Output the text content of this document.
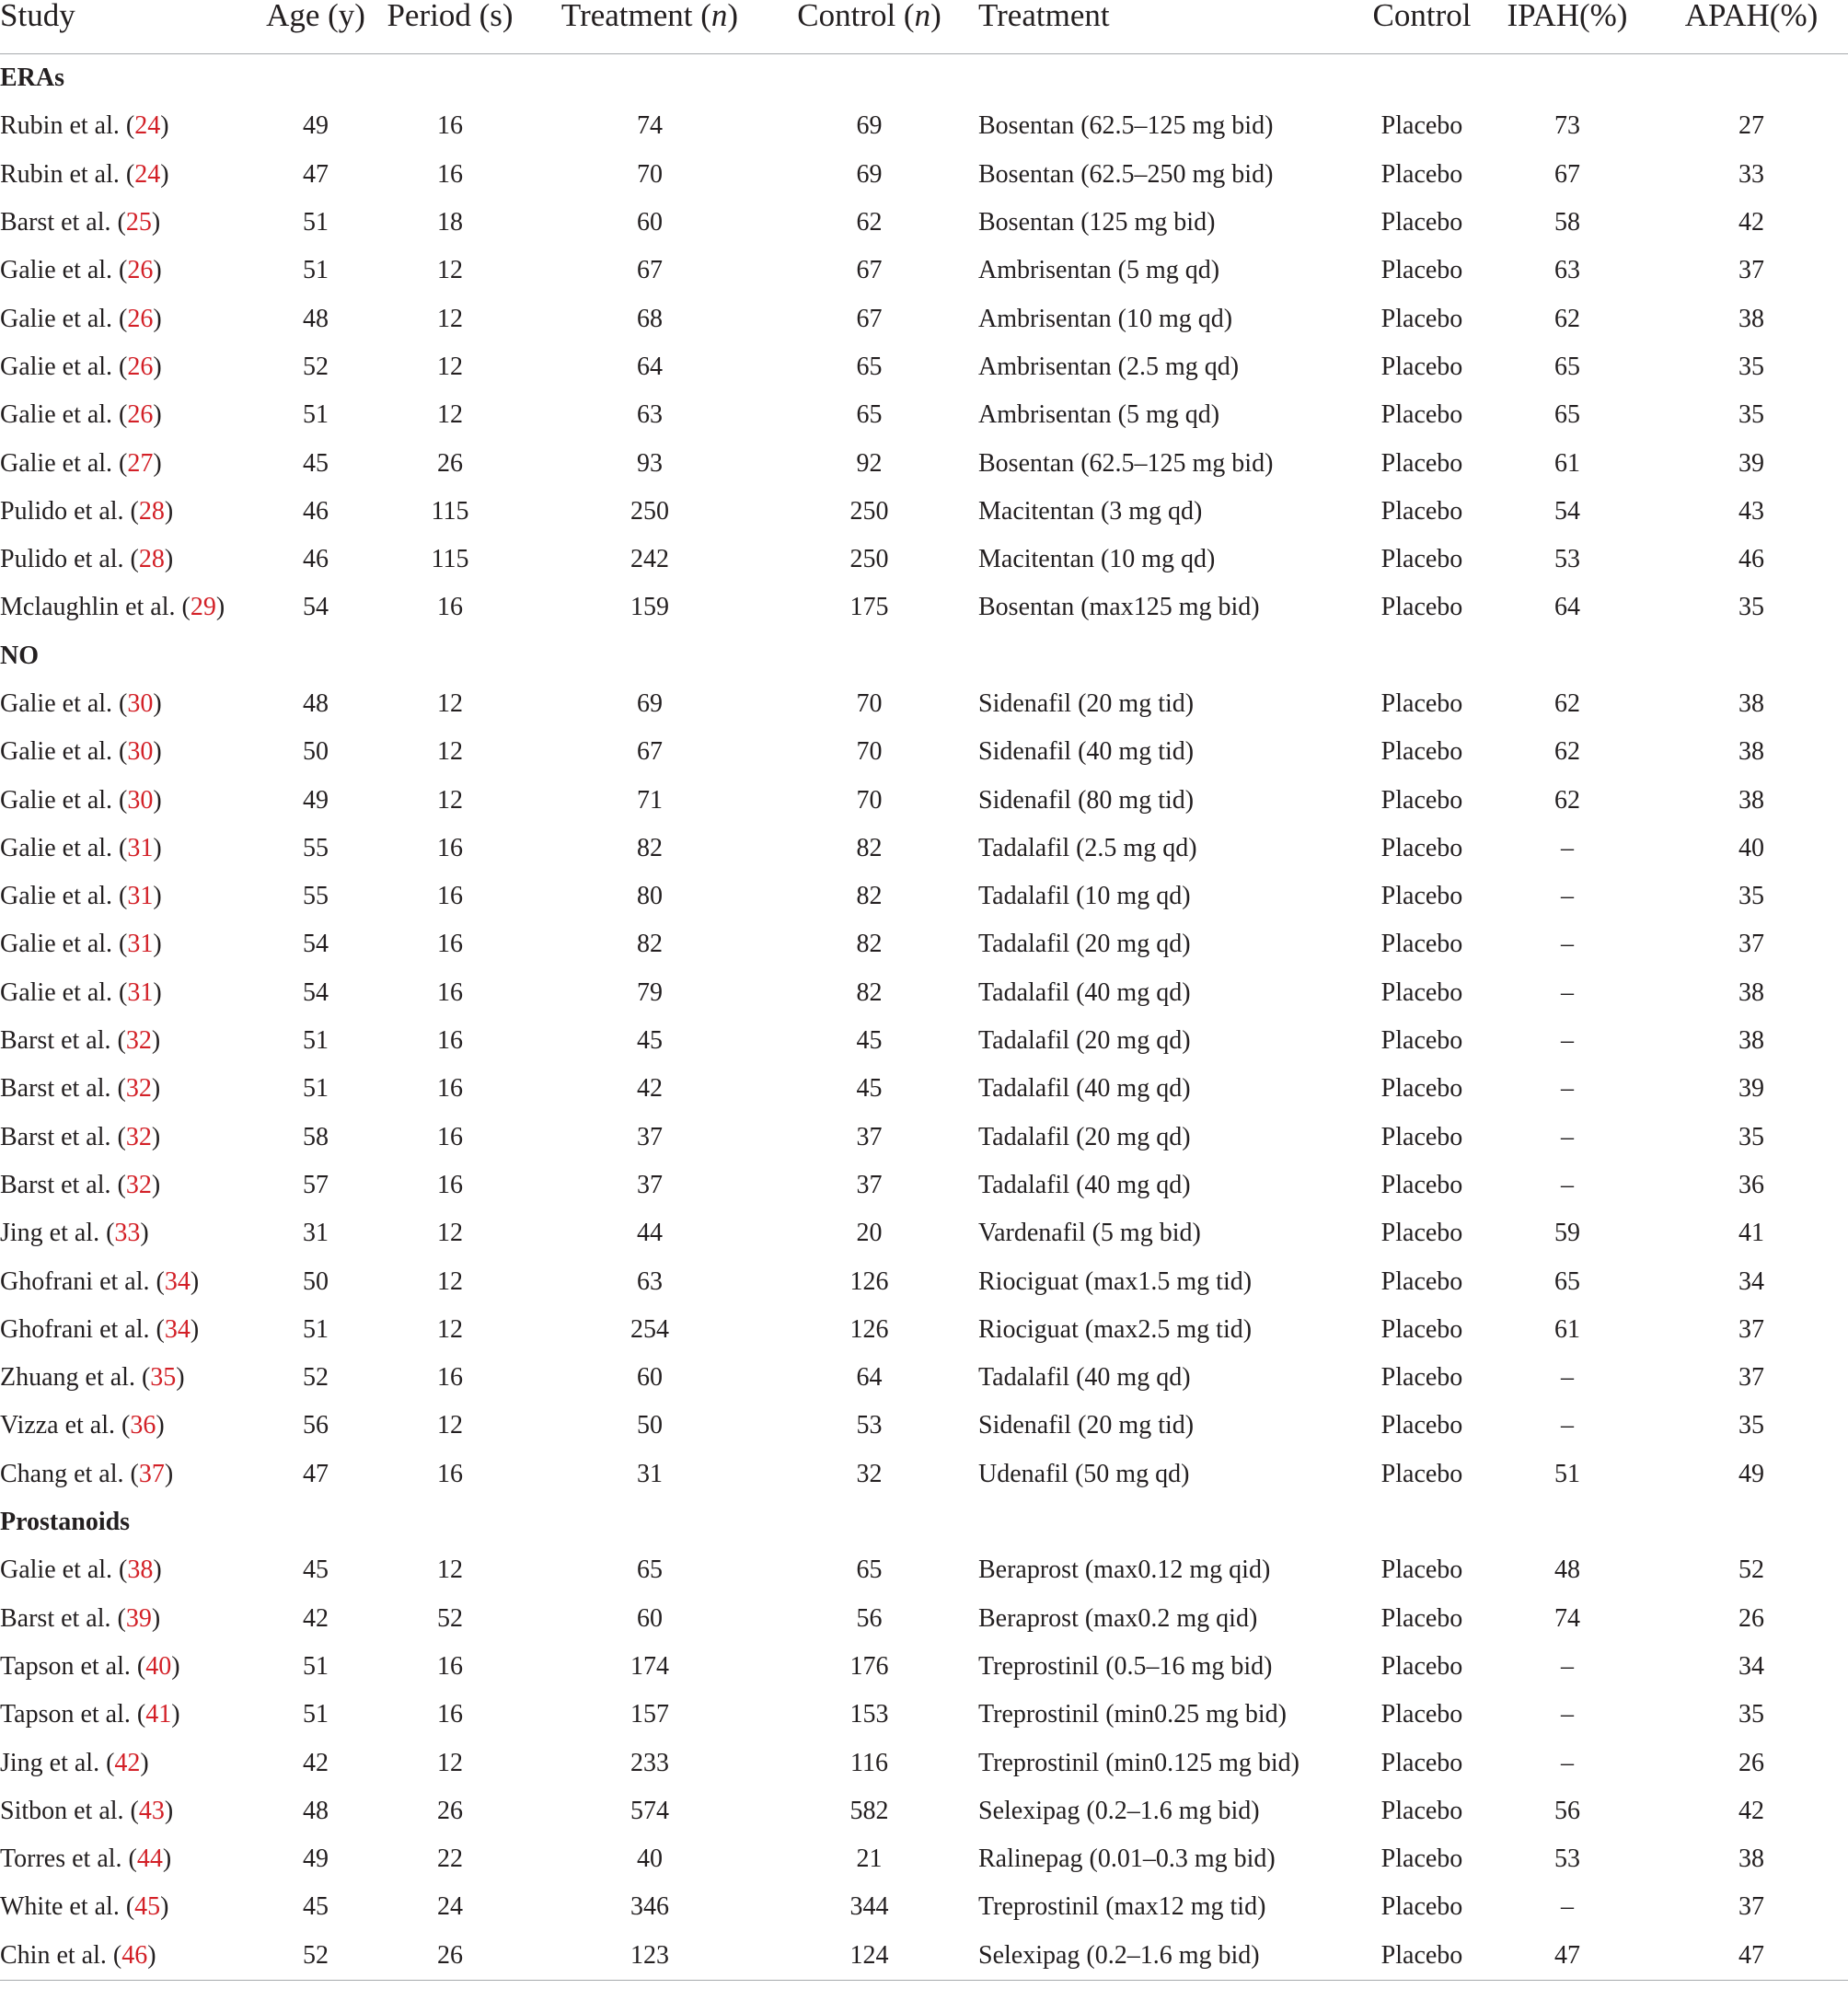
Study	Age (y)	Period (s)	Treatment (n)	Control (n)	Treatment	Control	IPAH(%)	APAH(%)
ERAs								
Rubin et al. (24)	49	16	74	69	Bosentan (62.5–125 mg bid)	Placebo	73	27
Rubin et al. (24)	47	16	70	69	Bosentan (62.5–250 mg bid)	Placebo	67	33
Barst et al. (25)	51	18	60	62	Bosentan (125 mg bid)	Placebo	58	42
Galie et al. (26)	51	12	67	67	Ambrisentan (5 mg qd)	Placebo	63	37
Galie et al. (26)	48	12	68	67	Ambrisentan (10 mg qd)	Placebo	62	38
Galie et al. (26)	52	12	64	65	Ambrisentan (2.5 mg qd)	Placebo	65	35
Galie et al. (26)	51	12	63	65	Ambrisentan (5 mg qd)	Placebo	65	35
Galie et al. (27)	45	26	93	92	Bosentan (62.5–125 mg bid)	Placebo	61	39
Pulido et al. (28)	46	115	250	250	Macitentan (3 mg qd)	Placebo	54	43
Pulido et al. (28)	46	115	242	250	Macitentan (10 mg qd)	Placebo	53	46
Mclaughlin et al. (29)	54	16	159	175	Bosentan (max125 mg bid)	Placebo	64	35
NO								
Galie et al. (30)	48	12	69	70	Sidenafil (20 mg tid)	Placebo	62	38
Galie et al. (30)	50	12	67	70	Sidenafil (40 mg tid)	Placebo	62	38
Galie et al. (30)	49	12	71	70	Sidenafil (80 mg tid)	Placebo	62	38
Galie et al. (31)	55	16	82	82	Tadalafil (2.5 mg qd)	Placebo	–	40
Galie et al. (31)	55	16	80	82	Tadalafil (10 mg qd)	Placebo	–	35
Galie et al. (31)	54	16	82	82	Tadalafil (20 mg qd)	Placebo	–	37
Galie et al. (31)	54	16	79	82	Tadalafil (40 mg qd)	Placebo	–	38
Barst et al. (32)	51	16	45	45	Tadalafil (20 mg qd)	Placebo	–	38
Barst et al. (32)	51	16	42	45	Tadalafil (40 mg qd)	Placebo	–	39
Barst et al. (32)	58	16	37	37	Tadalafil (20 mg qd)	Placebo	–	35
Barst et al. (32)	57	16	37	37	Tadalafil (40 mg qd)	Placebo	–	36
Jing et al. (33)	31	12	44	20	Vardenafil (5 mg bid)	Placebo	59	41
Ghofrani et al. (34)	50	12	63	126	Riociguat (max1.5 mg tid)	Placebo	65	34
Ghofrani et al. (34)	51	12	254	126	Riociguat (max2.5 mg tid)	Placebo	61	37
Zhuang et al. (35)	52	16	60	64	Tadalafil (40 mg qd)	Placebo	–	37
Vizza et al. (36)	56	12	50	53	Sidenafil (20 mg tid)	Placebo	–	35
Chang et al. (37)	47	16	31	32	Udenafil (50 mg qd)	Placebo	51	49
Prostanoids								
Galie et al. (38)	45	12	65	65	Beraprost (max0.12 mg qid)	Placebo	48	52
Barst et al. (39)	42	52	60	56	Beraprost (max0.2 mg qid)	Placebo	74	26
Tapson et al. (40)	51	16	174	176	Treprostinil (0.5–16 mg bid)	Placebo	–	34
Tapson et al. (41)	51	16	157	153	Treprostinil (min0.25 mg bid)	Placebo	–	35
Jing et al. (42)	42	12	233	116	Treprostinil (min0.125 mg bid)	Placebo	–	26
Sitbon et al. (43)	48	26	574	582	Selexipag (0.2–1.6 mg bid)	Placebo	56	42
Torres et al. (44)	49	22	40	21	Ralinepag (0.01–0.3 mg bid)	Placebo	53	38
White et al. (45)	45	24	346	344	Treprostinil (max12 mg tid)	Placebo	–	37
Chin et al. (46)	52	26	123	124	Selexipag (0.2–1.6 mg bid)	Placebo	47	47
